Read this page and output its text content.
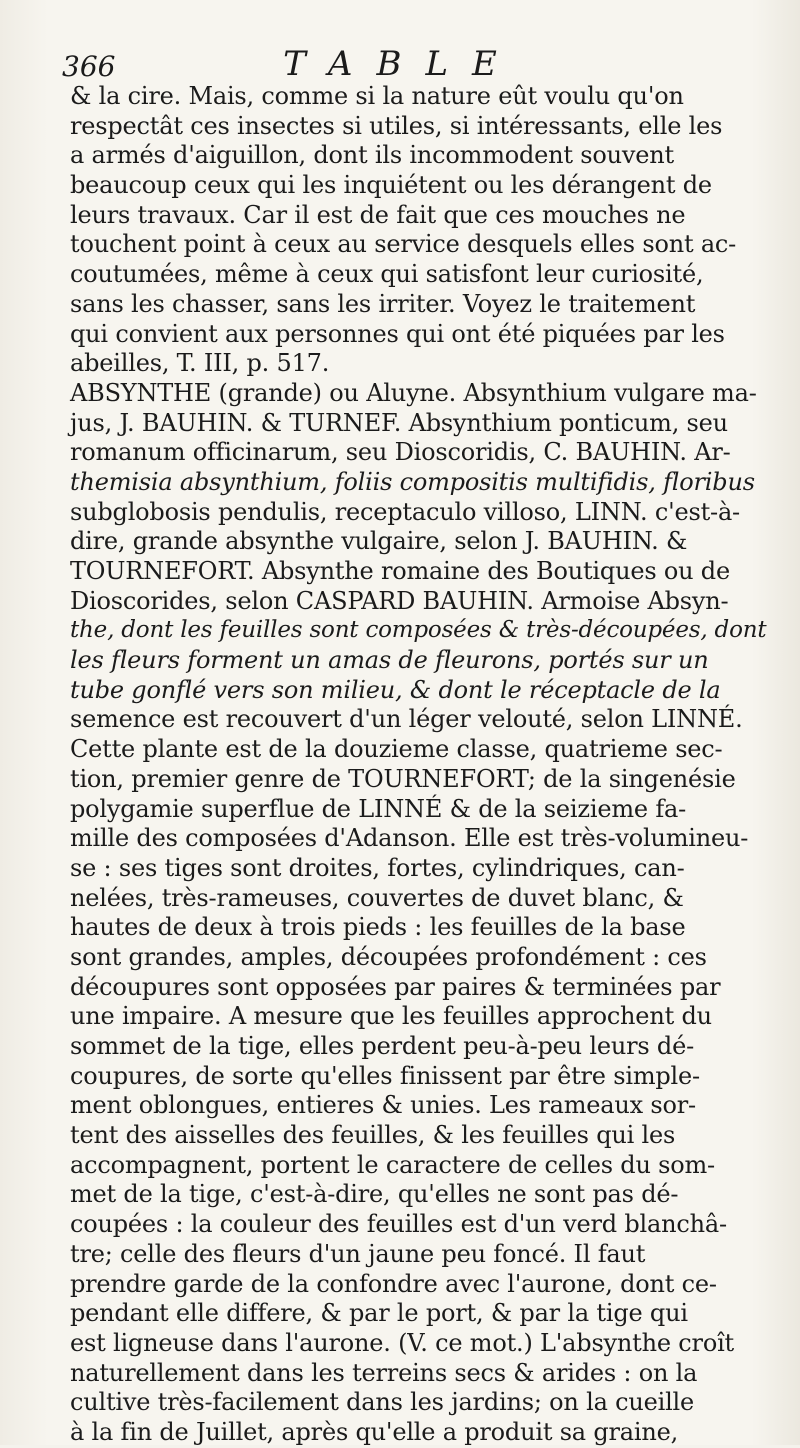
366	TABLE
& la cire. Mais, comme si la nature eût voulu qu'on
respectât ces insectes si utiles, si intéressants, elle les
a armés d'aiguillon, dont ils incommodent souvent
beaucoup ceux qui les inquiétent ou les dérangent de
leurs travaux. Car il est de fait que ces mouches ne
touchent point à ceux au service desquels elles sont ac-
coutumées, même à ceux qui satisfont leur curiosité,
sans les chasser, sans les irriter. Voyez le traitement
qui convient aux personnes qui ont été piquées par les
abeilles, T. III, p. 517.
ABSYNTHE (grande) ou Aluyne. Absynthium vulgare ma-
jus, J. BAUHIN. & TURNEF. Absynthium ponticum, seu
romanum officinarum, seu Dioscoridis, C. BAUHIN. Ar-
themisia absynthium, foliis compositis multifidis, floribus
subglobosis pendulis, receptaculo villoso, LINN. c'est-à-
dire, grande absynthe vulgaire, selon J. BAUHIN. &
TOURNEFORT. Absynthe romaine des Boutiques ou de
Dioscorides, selon CASPARD BAUHIN. Armoise Absyn-
the, dont les feuilles sont composées & très-découpées, dont
les fleurs forment un amas de fleurons, portés sur un
tube gonflé vers son milieu, & dont le réceptacle de la
semence est recouvert d'un léger velouté, selon LINNÉ.
Cette plante est de la douzieme classe, quatrieme sec-
tion, premier genre de TOURNEFORT; de la singenésie
polygamie superflue de LINNÉ & de la seizieme fa-
mille des composées d'Adanson. Elle est très-volumineu-
se : ses tiges sont droites, fortes, cylindriques, can-
nelées, très-rameuses, couvertes de duvet blanc, &
hautes de deux à trois pieds : les feuilles de la base
sont grandes, amples, découpées profondément : ces
découpures sont opposées par paires & terminées par
une impaire. A mesure que les feuilles approchent du
sommet de la tige, elles perdent peu-à-peu leurs dé-
coupures, de sorte qu'elles finissent par être simple-
ment oblongues, entieres & unies. Les rameaux sor-
tent des aisselles des feuilles, & les feuilles qui les
accompagnent, portent le caractere de celles du som-
met de la tige, c'est-à-dire, qu'elles ne sont pas dé-
coupées : la couleur des feuilles est d'un verd blanchâ-
tre; celle des fleurs d'un jaune peu foncé. Il faut
prendre garde de la confondre avec l'aurone, dont ce-
pendant elle differe, & par le port, & par la tige qui
est ligneuse dans l'aurone. (V. ce mot.) L'absynthe croît
naturellement dans les terreins secs & arides : on la
cultive très-facilement dans les jardins; on la cueille
à la fin de Juillet, après qu'elle a produit sa graine,
